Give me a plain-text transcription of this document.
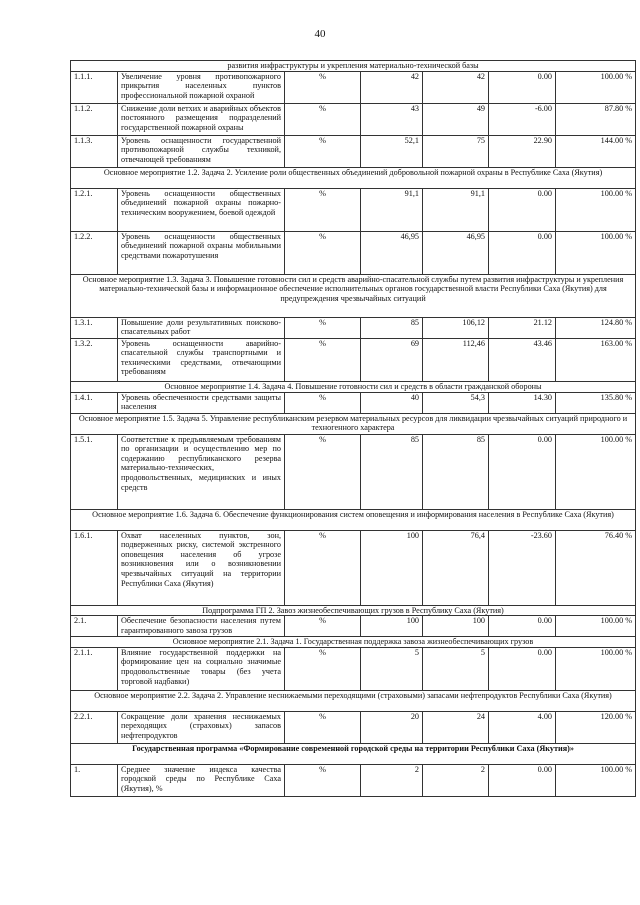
40
развития инфраструктуры и укрепления материально-технической базы						
1.1.1.	Увеличение уровня противопожарного прикрытия населенных пунктов профессиональной пожарной охраной	%	42	42	0.00	100.00 %
1.1.2.	Снижение доли ветхих и аварийных объектов постоянного размещения подразделений государственной пожарной охраны	%	43	49	-6.00	87.80 %
1.1.3.	Уровень оснащенности государственной противопожарной службы техникой, отвечающей требованиям	%	52,1	75	22.90	144.00 %
Основное мероприятие 1.2. Задача 2. Усиление роли общественных объединений добровольной пожарной охраны в Республике Саха (Якутия)						
1.2.1.	Уровень оснащенности общественных объединений пожарной охраны пожарно-техническим вооружением, боевой одеждой	%	91,1	91,1	0.00	100.00 %
1.2.2.	Уровень оснащенности общественных объединений пожарной охраны мобильными средствами пожаротушения	%	46,95	46,95	0.00	100.00 %
Основное мероприятие 1.3. Задача 3. Повышение готовности сил и средств аварийно-спасательной службы путем развития инфраструктуры и укрепления материально-технической базы и информационное обеспечение исполнительных органов государственной власти Республики Саха (Якутия) для предупреждения чрезвычайных ситуаций						
1.3.1.	Повышение доли результативных поисково-спасательных работ	%	85	106,12	21.12	124.80 %
1.3.2.	Уровень оснащенности аварийно-спасательной службы транспортными и техническими средствами, отвечающими требованиям	%	69	112,46	43.46	163.00 %
Основное мероприятие 1.4. Задача 4. Повышение готовности сил и средств в области гражданской обороны						
1.4.1.	Уровень обеспеченности средствами защиты населения	%	40	54,3	14.30	135.80 %
Основное мероприятие 1.5. Задача 5. Управление республиканским резервом материальных ресурсов для ликвидации чрезвычайных ситуаций природного и техногенного характера						
1.5.1.	Соответствие к предъявляемым требованиям по организации и осуществлению мер по содержанию республиканского резерва материально-технических, продовольственных, медицинских и иных средств	%	85	85	0.00	100.00 %
Основное мероприятие 1.6. Задача 6. Обеспечение функционирования систем оповещения и информирования населения в Республике Саха (Якутия)						
1.6.1.	Охват населенных пунктов, зон, подверженных риску, системой экстренного оповещения населения об угрозе возникновения или о возникновении чрезвычайных ситуаций на территории Республики Саха (Якутия)	%	100	76,4	-23.60	76.40 %
Подпрограмма ГП 2. Завоз жизнеобеспечивающих грузов в Республику Саха (Якутия)						
2.1.	Обеспечение безопасности населения путем гарантированного завоза грузов	%	100	100	0.00	100.00 %
Основное мероприятие 2.1. Задача 1. Государственная поддержка завоза жизнеобеспечивающих грузов						
2.1.1.	Влияние государственной поддержки на формирование цен на социально значимые продовольственные товары (без учета торговой надбавки)	%	5	5	0.00	100.00 %
Основное мероприятие 2.2. Задача 2. Управление неснижаемыми переходящими (страховыми) запасами нефтепродуктов Республики Саха (Якутия)						
2.2.1.	Сокращение доли хранения неснижаемых переходящих (страховых) запасов нефтепродуктов	%	20	24	4.00	120.00 %
Государственная программа «Формирование современной городской среды на территории Республики Саха (Якутия)»						
1.	Среднее значение индекса качества городской среды по Республике Саха (Якутия), %	%	2	2	0.00	100.00 %
